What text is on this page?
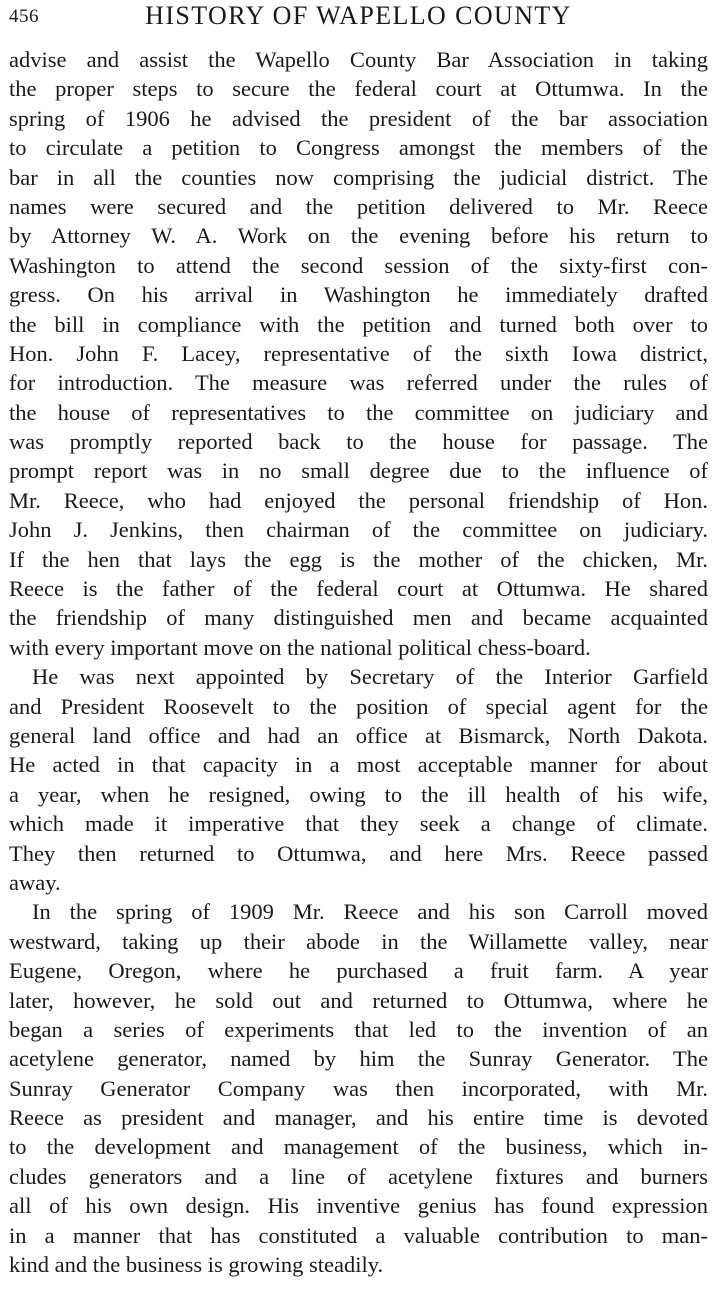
456	HISTORY OF WAPELLO COUNTY
advise and assist the Wapello County Bar Association in taking
the proper steps to secure the federal court at Ottumwa. In the
spring of 1906 he advised the president of the bar association
to circulate a petition to Congress amongst the members of the
bar in all the counties now comprising the judicial district. The
names were secured and the petition delivered to Mr. Reece
by Attorney W. A. Work on the evening before his return to
Washington to attend the second session of the sixty-first con-
gress. On his arrival in Washington he immediately drafted
the bill in compliance with the petition and turned both over to
Hon. John F. Lacey, representative of the sixth Iowa district,
for introduction. The measure was referred under the rules of
the house of representatives to the committee on judiciary and
was promptly reported back to the house for passage. The
prompt report was in no small degree due to the influence of
Mr. Reece, who had enjoyed the personal friendship of Hon.
John J. Jenkins, then chairman of the committee on judiciary.
If the hen that lays the egg is the mother of the chicken, Mr.
Reece is the father of the federal court at Ottumwa. He shared
the friendship of many distinguished men and became acquainted
with every important move on the national political chess-board.
He was next appointed by Secretary of the Interior Garfield
and President Roosevelt to the position of special agent for the
general land office and had an office at Bismarck, North Dakota.
He acted in that capacity in a most acceptable manner for about
a year, when he resigned, owing to the ill health of his wife,
which made it imperative that they seek a change of climate.
They then returned to Ottumwa, and here Mrs. Reece passed
away.
In the spring of 1909 Mr. Reece and his son Carroll moved
westward, taking up their abode in the Willamette valley, near
Eugene, Oregon, where he purchased a fruit farm. A year
later, however, he sold out and returned to Ottumwa, where he
began a series of experiments that led to the invention of an
acetylene generator, named by him the Sunray Generator. The
Sunray Generator Company was then incorporated, with Mr.
Reece as president and manager, and his entire time is devoted
to the development and management of the business, which in-
cludes generators and a line of acetylene fixtures and burners
all of his own design. His inventive genius has found expression
in a manner that has constituted a valuable contribution to man-
kind and the business is growing steadily.
